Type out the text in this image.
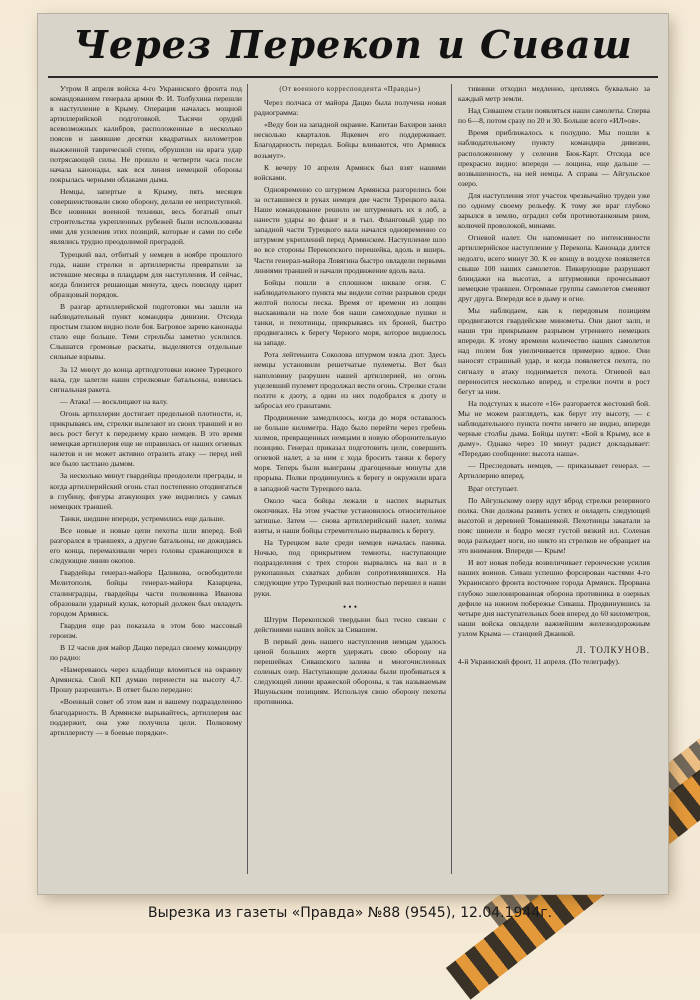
Через Перекоп и Сиваш

Утром 8 апреля войска 4-го Украинского фронта под командованием генерала армии Ф. И. Толбухина перешли в наступление в Крыму. Операция началась мощной артиллерийской подготовкой. Тысячи орудий всевозможных калибров, расположенные в несколько поясов и занявшие десятки квадратных километров выжженной таврической степи, обрушили на врага удар потрясающей силы. Не прошло и четверти часа после начала канонады, как вся линия немецкой обороны покрылась черными облаками дыма.

Немцы, запертые в Крыму, пять месяцев совершенствовали свою оборону, делали ее неприступной. Все новинки военной техники, весь богатый опыт строительства укрепленных рубежей были использованы ими для усиления этих позиций, которые и сами по себе являлись трудно преодолимой преградой.

Турецкий вал, отбитый у немцев в ноябре прошлого года, наши стрелки и артиллеристы превратили за истекшие месяцы в плацдарм для наступления. И сейчас, когда близится решающая минута, здесь повсюду царит образцовый порядок.

В разгар артиллерийской подготовки мы зашли на наблюдательный пункт командира дивизии. Отсюда простым глазом видно поле боя. Багровое зарево канонады стало еще больше. Теми стрельбы заметно усилился. Слышатся громовые раскаты, выделяются отдельные сильные взрывы.

За 12 минут до конца артподготовки южнее Турецкого вала, где залегли наши стрелковые батальоны, взвилась сигнальная ракета.

— Атака! — восклицают на валу.

Огонь артиллерии достигает предельной плотности, и, прикрываясь им, стрелки вылезают из своих траншей и во весь рост бегут к переднему краю немцев. В это время немецкая артиллерия еще не оправилась от наших огневых налетов и не может активно отразить атаку — перед ней все было застлано дымом.

За несколько минут гвардейцы преодолели преграды, и когда артиллерийский огонь стал постепенно отодвигаться в глубину, фигуры атакующих уже виднелись у самых немецких траншей.

Танки, шедшие впереди, устремились еще дальше.

Все новые и новые цепи пехоты шли вперед. Бой разгорался в траншеях, а другие батальоны, не дожидаясь его конца, перемахивали через головы сражающихся в следующие линии окопов.

Гвардейцы генерал-майора Цаликова, освободители Мелитополя, бойцы генерал-майора Казарцева, сталинградцы, гвардейцы части полковника Иванова образовали ударный кулак, который должен был овладеть городом Армянск.

Гвардия еще раз показала в этом бою массовый героизм.

В 12 часов дня майор Дацко передал своему командиру по радио:

«Намереваюсь через кладбище вломиться на окраину Армянска. Свой КП думаю перенести на высоту 4,7. Прошу разрешить». В ответ было передано:

«Военный совет об этом вам и вашему подразделению благодарность. В Армянске вырывайтесь, артиллерия вас поддержит, она уже получила цели. Полковому артиллеристу — в боевые порядки».

(От военного корреспондента «Правды»)

Через полчаса от майора Дацко была получена новая радиограмма:

«Веду бои на западной окраине. Капитан Бахиров занял несколько кварталов. Яцкевич его поддерживает. Благодарность передал. Бойцы вливаются, что Армянск возьмут».

К вечеру 10 апреля Армянск был взят нашими войсками.

Одновременно со штурмом Армянска разгорелись бои за оставшиеся в руках немцев две части Турецкого вала. Наше командование решило не штурмовать их в лоб, а нанести удары во фланг и в тыл. Фланговый удар по западной части Турецкого вала начался одновременно со штурмом укреплений перед Армянском. Наступление шло во все стороны Перекопского перешейка, вдоль и вширь. Части генерал-майора Ловягина быстро овладели первыми линиями траншей и начали продвижение вдоль вала.

Бойцы пошли в сплошном шквале огня. С наблюдательного пункта мы видели сотни разрывов среди желтой полосы песка. Время от времени из лощин выскакивали на поле боя наши самоходные пушки и танки, и пехотинцы, прикрываясь их броней, быстро продвигались к берегу Черного моря, которое виднелось на западе.

Рота лейтенанта Соколова штурмом взяла дзот. Здесь немцы установили решетчатые пулеметы. Вот был наполовину разрушен нашей артиллерией, но огонь уцелевший пулемет продолжал вести огонь. Стрелки стали ползти к дзоту, а один из них подобрался к дзоту и забросал его гранатами.

Продвижение замедлилось, когда до моря оставалось не больше километра. Надо было перейти через гребень холмов, превращенных немцами в новую оборонительную позицию. Генерал приказал подготовить цели, совершить огневой налет, а за ним с хода бросить танки к берегу моря. Теперь были выиграны драгоценные минуты для прорыва. Полки продвинулись к берегу и окружили врага в западной части Турецкого вала.

Около часа бойцы лежали в наспех вырытых окопчиках. На этом участке установилось относительное затишье. Затем — снова артиллерийский налет, холмы взяты, и наши бойцы стремительно вырвались к берегу.

На Турецком вале среди немцев началась паника. Ночью, под прикрытием темноты, наступающие подразделения с трех сторон вырвались на вал и в рукопашных схватках добили сопротивлявшихся. На следующие утро Турецкий вал полностью перешел в наши руки.

• • •

Штурм Перекопской твердыни был тесно связан с действиями наших войск за Сивашем.

В первый день нашего наступления немцам удалось ценой больших жертв удержать свою оборону на перешейках Сивашского залива и многочисленных соленых озер. Наступающие должны были пробиваться к следующей линии вражеской обороны, к так называемым Ишуньским позициям. Используя свою оборону пехоты противника.

тивники отходил медленно, цепляясь буквально за каждый метр земли.

Над Сивашем стали появляться наши самолеты. Сперва по 6—8, потом сразу по 20 и 30. Больше всего «ИЛ»ов».

Время приближалось к полудню. Мы пошли к наблюдательному пункту командира дивизии, расположенному у селения Бюк-Карт. Отсюда все прекрасно видно: впереди — лощина, еще дальше — возвышенность, на ней немцы. А справа — Айгульское озеро.

Для наступления этот участок чрезвычайно труден уже по одному своему рельефу. К тому же враг глубоко зарылся в землю, оградил себя противотанковым рвом, колючей проволокой, минами.

Огневой налет. Он напоминает по интенсивности артиллерийское наступление у Перекопа. Канонада длится недолго, всего минут 30. К ее концу в воздухе появляется свыше 100 наших самолетов. Пикирующие разрушают блиндажи на высотах, а штурмовики прочесывают немецкие траншеи. Огромные группы самолетов сменяют друг друга. Впереди все в дыму и огне.

Мы наблюдаем, как к передовым позициям продвигаются гвардейские минометы. Они дают залп, и наши три прикрываем разрывом утреннего немецких впереди. К этому времени количество наших самолетов над полем боя увеличивается примерно вдвое. Они наносят страшный удар, и когда появляется пехота, по сигналу в атаку поднимается пехота. Огневой вал переносится несколько вперед, и стрелки почти в рост бегут за ним.

На подступах к высоте «16» разгорается жестокий бой. Мы не можем разглядеть, как берут эту высоту, — с наблюдательного пункта почти ничего не видно, впереди черные столбы дыма. Бойцы шутят: «Бой в Крыму, все в дыму». Однако через 10 минут радист докладывает: «Передаю сообщение: высота наша».

— Преследовать немцев, — приказывает генерал. — Артиллерию вперед.

Враг отступает.

По Айгульскому озеру идут вброд стрелки резервного полка. Они должны развить успех и овладеть следующей высотой и деревней Томашевкой. Пехотинцы закатали за пояс шинели и бодро месят густой вязкий ил. Соленая вода разъедает ноги, но никто из стрелков не обращает на это внимания. Впереди — Крым!

И вот новая победа возвеличивает героические усилия наших воинов. Сиваш успешно форсирован частями 4-го Украинского фронта восточнее города Армянск. Прорвана глубоко эшелонированная оборона противника в озерных дефиле на южном побережье Сиваша. Продвинувшись за четыре дня наступательных боев вперед до 60 километров, наши войска овладели важнейшим железнодорожным узлом Крыма — станцией Джанкой.

Л. ТОЛКУНОВ.

4-й Украинский фронт, 11 апреля. (По телеграфу).

Вырезка из газеты «Правда» №88 (9545), 12.04.1944г.
